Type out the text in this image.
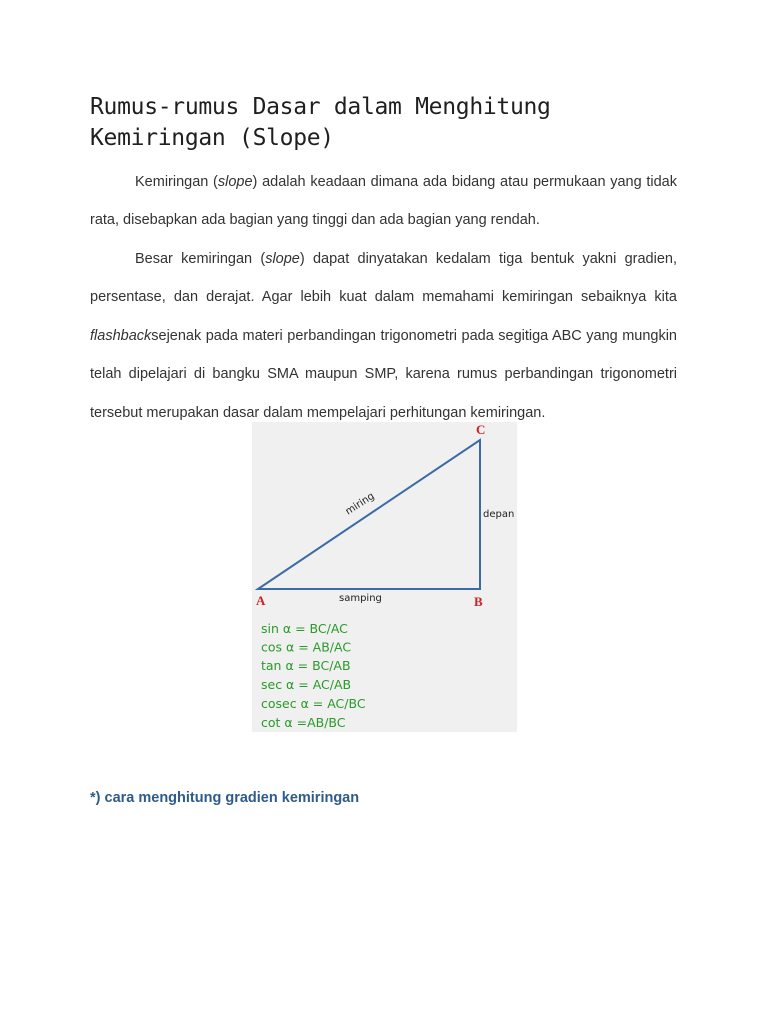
Rumus-rumus Dasar dalam Menghitung Kemiringan (Slope)

Kemiringan (slope) adalah keadaan dimana ada bidang atau permukaan yang tidak rata, disebapkan ada bagian yang tinggi dan ada bagian yang rendah.

Besar kemiringan (slope) dapat dinyatakan kedalam tiga bentuk yakni gradien, persentase, dan derajat. Agar lebih kuat dalam memahami kemiringan sebaiknya kita flashbacksejenak pada materi perbandingan trigonometri pada segitiga ABC yang mungkin telah dipelajari di bangku SMA maupun SMP, karena rumus perbandingan trigonometri tersebut merupakan dasar dalam mempelajari perhitungan kemiringan.

C
A	B
miring	depan
samping
sin α = BC/AC
cos α = AB/AC
tan α = BC/AB
sec α = AC/AB
cosec α = AC/BC
cot α =AB/BC
*) cara menghitung gradien kemiringan
